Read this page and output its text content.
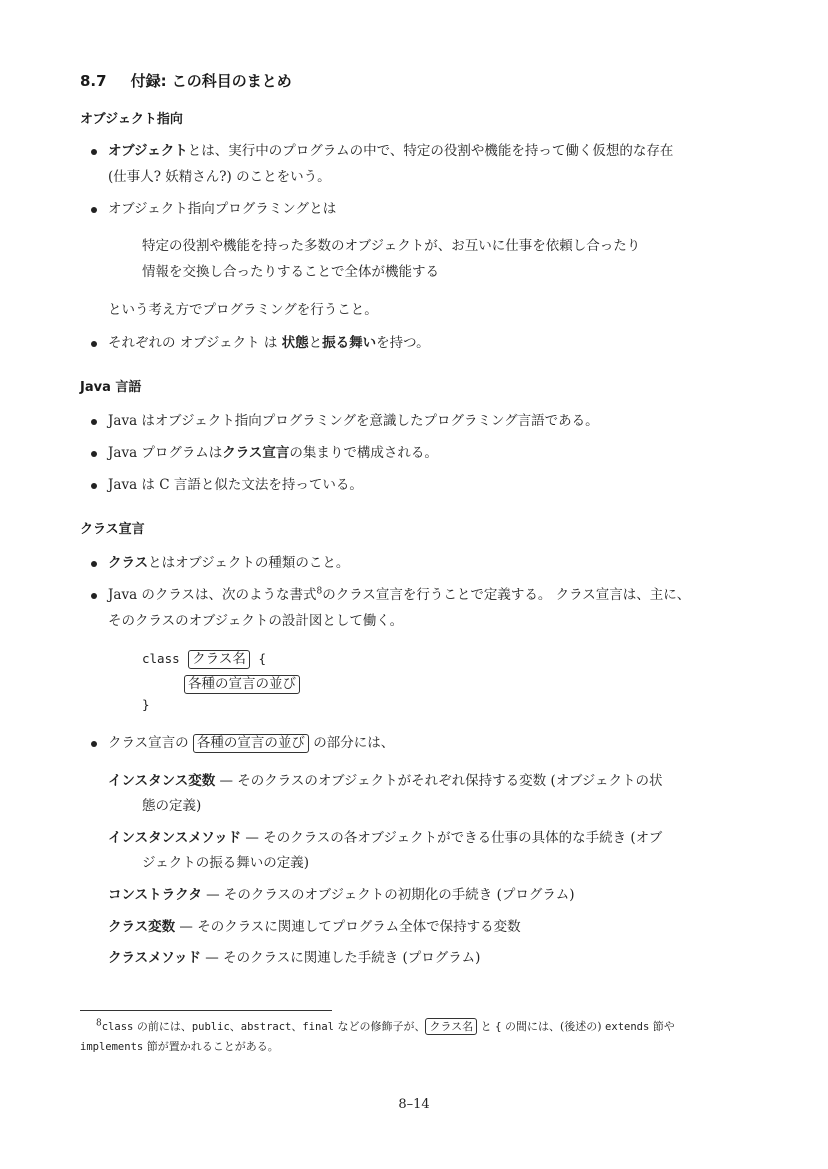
8.7 付録: この科目のまとめ
オブジェクト指向
オブジェクトとは、実行中のプログラムの中で、特定の役割や機能を持って働く仮想的な存在
(仕事人? 妖精さん?) のことをいう。
オブジェクト指向プログラミングとは
特定の役割や機能を持った多数のオブジェクトが、お互いに仕事を依頼し合ったり
情報を交換し合ったりすることで全体が機能する
という考え方でプログラミングを行うこと。
それぞれの オブジェクト は 状態と振る舞いを持つ。
Java 言語
Java はオブジェクト指向プログラミングを意識したプログラミング言語である。
Java プログラムはクラス宣言の集まりで構成される。
Java は C 言語と似た文法を持っている。
クラス宣言
クラスとはオブジェクトの種類のこと。
Java のクラスは、次のような書式$^8$のクラス宣言を行うことで定義する。 クラス宣言は、主に、
そのクラスのオブジェクトの設計図として働く。
class クラス名 {
各種の宣言の並び
}
クラス宣言の 各種の宣言の並び の部分には、
インスタンス変数 — そのクラスのオブジェクトがそれぞれ保持する変数 (オブジェクトの状
態の定義)
インスタンスメソッド — そのクラスの各オブジェクトができる仕事の具体的な手続き (オブ
ジェクトの振る舞いの定義)
コンストラクタ — そのクラスのオブジェクトの初期化の手続き (プログラム)
クラス変数 — そのクラスに関連してプログラム全体で保持する変数
クラスメソッド — そのクラスに関連した手続き (プログラム)
$^8$class の前には、public、abstract、final などの修飾子が、 クラス名 と { の間には、(後述の) extends 節や
implements 節が置かれることがある。
8–14
